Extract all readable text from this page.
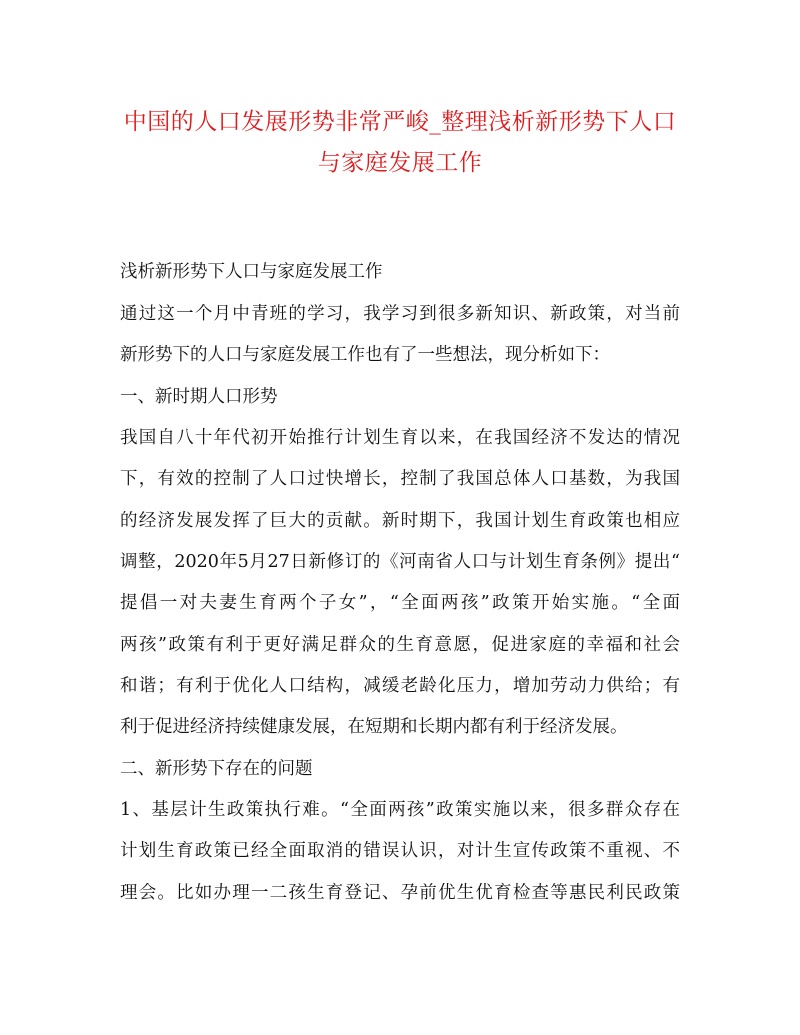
中国的人口发展形势非常严峻_整理浅析新形势下人口
与家庭发展工作
浅析新形势下人口与家庭发展工作
通过这一个月中青班的学习，我学习到很多新知识、新政策，对当前
新形势下的人口与家庭发展工作也有了一些想法，现分析如下：
一、新时期人口形势
我国自八十年代初开始推行计划生育以来，在我国经济不发达的情况
下，有效的控制了人口过快增长，控制了我国总体人口基数，为我国
的经济发展发挥了巨大的贡献。新时期下，我国计划生育政策也相应
调整，2020年5月27日新修订的《河南省人口与计划生育条例》提出“
提倡一对夫妻生育两个子女”，“全面两孩”政策开始实施。“全面
两孩”政策有利于更好满足群众的生育意愿，促进家庭的幸福和社会
和谐；有利于优化人口结构，减缓老龄化压力，增加劳动力供给；有
利于促进经济持续健康发展，在短期和长期内都有利于经济发展。
二、新形势下存在的问题
1、基层计生政策执行难。“全面两孩”政策实施以来，很多群众存在
计划生育政策已经全面取消的错误认识，对计生宣传政策不重视、不
理会。比如办理一二孩生育登记、孕前优生优育检查等惠民利民政策
